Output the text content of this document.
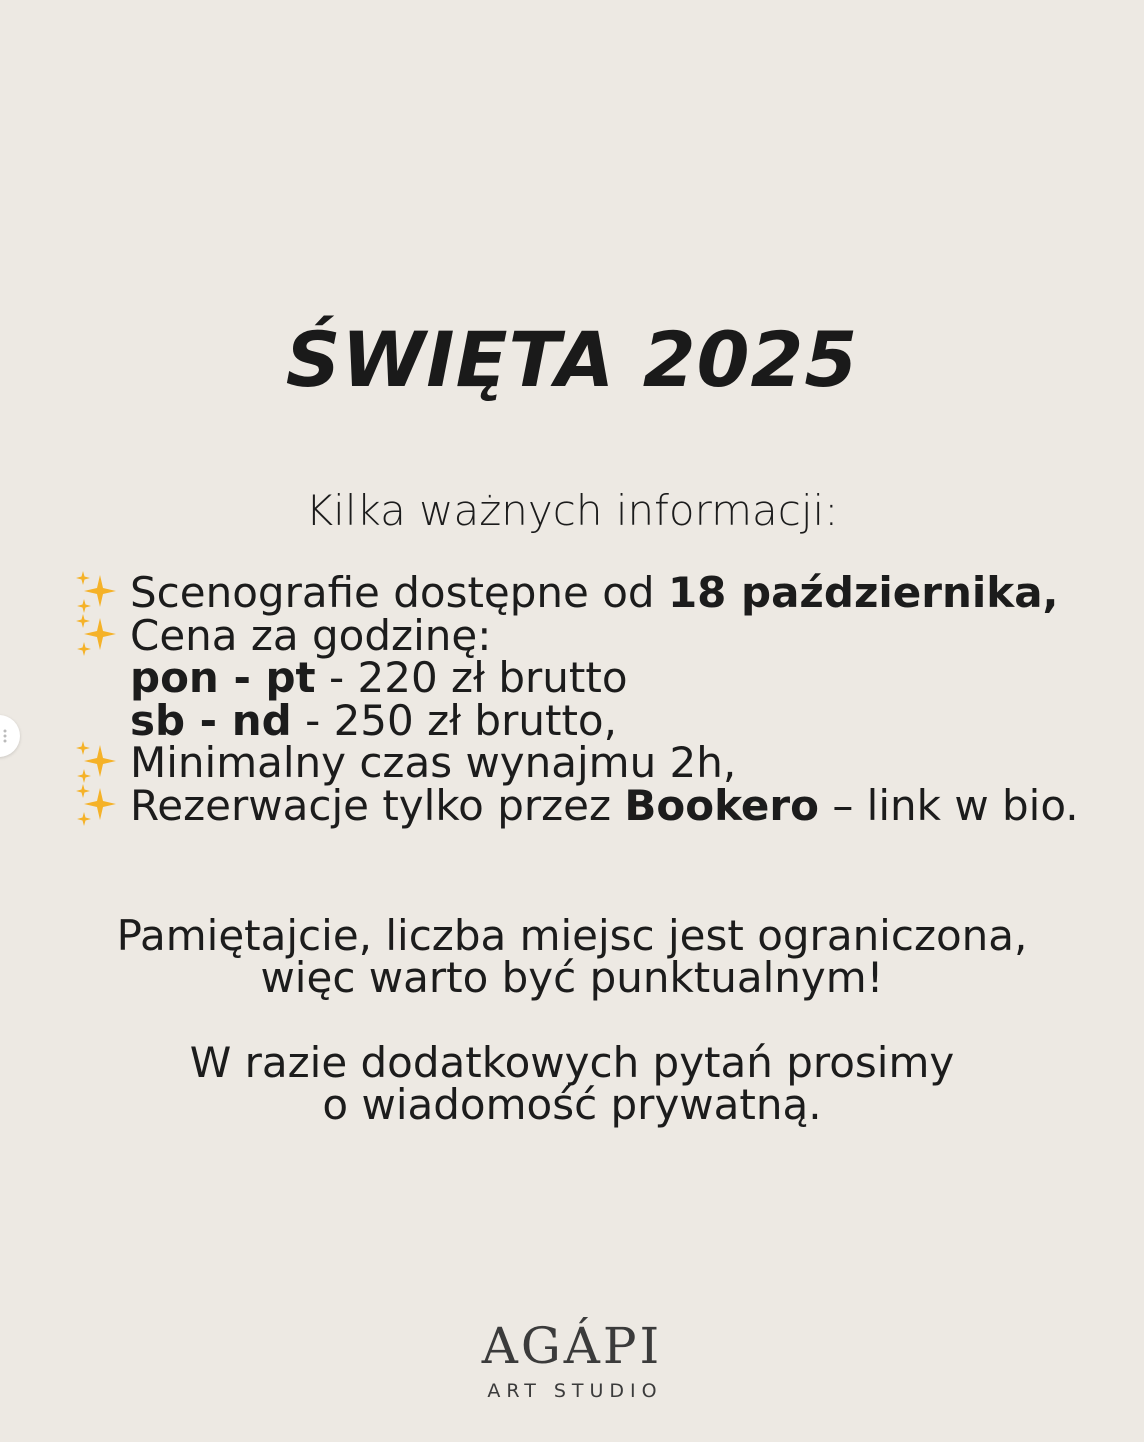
ŚWIĘTA 2025
Kilka ważnych informacji:
Scenografie dostępne od 18 października,
Cena za godzinę:
pon - pt - 220 zł brutto
sb - nd - 250 zł brutto,
Minimalny czas wynajmu 2h,
Rezerwacje tylko przez Bookero – link w bio.
Pamiętajcie, liczba miejsc jest ograniczona,
więc warto być punktualnym!
W razie dodatkowych pytań prosimy
o wiadomość prywatną.
AGÁPI
ART STUDIO
